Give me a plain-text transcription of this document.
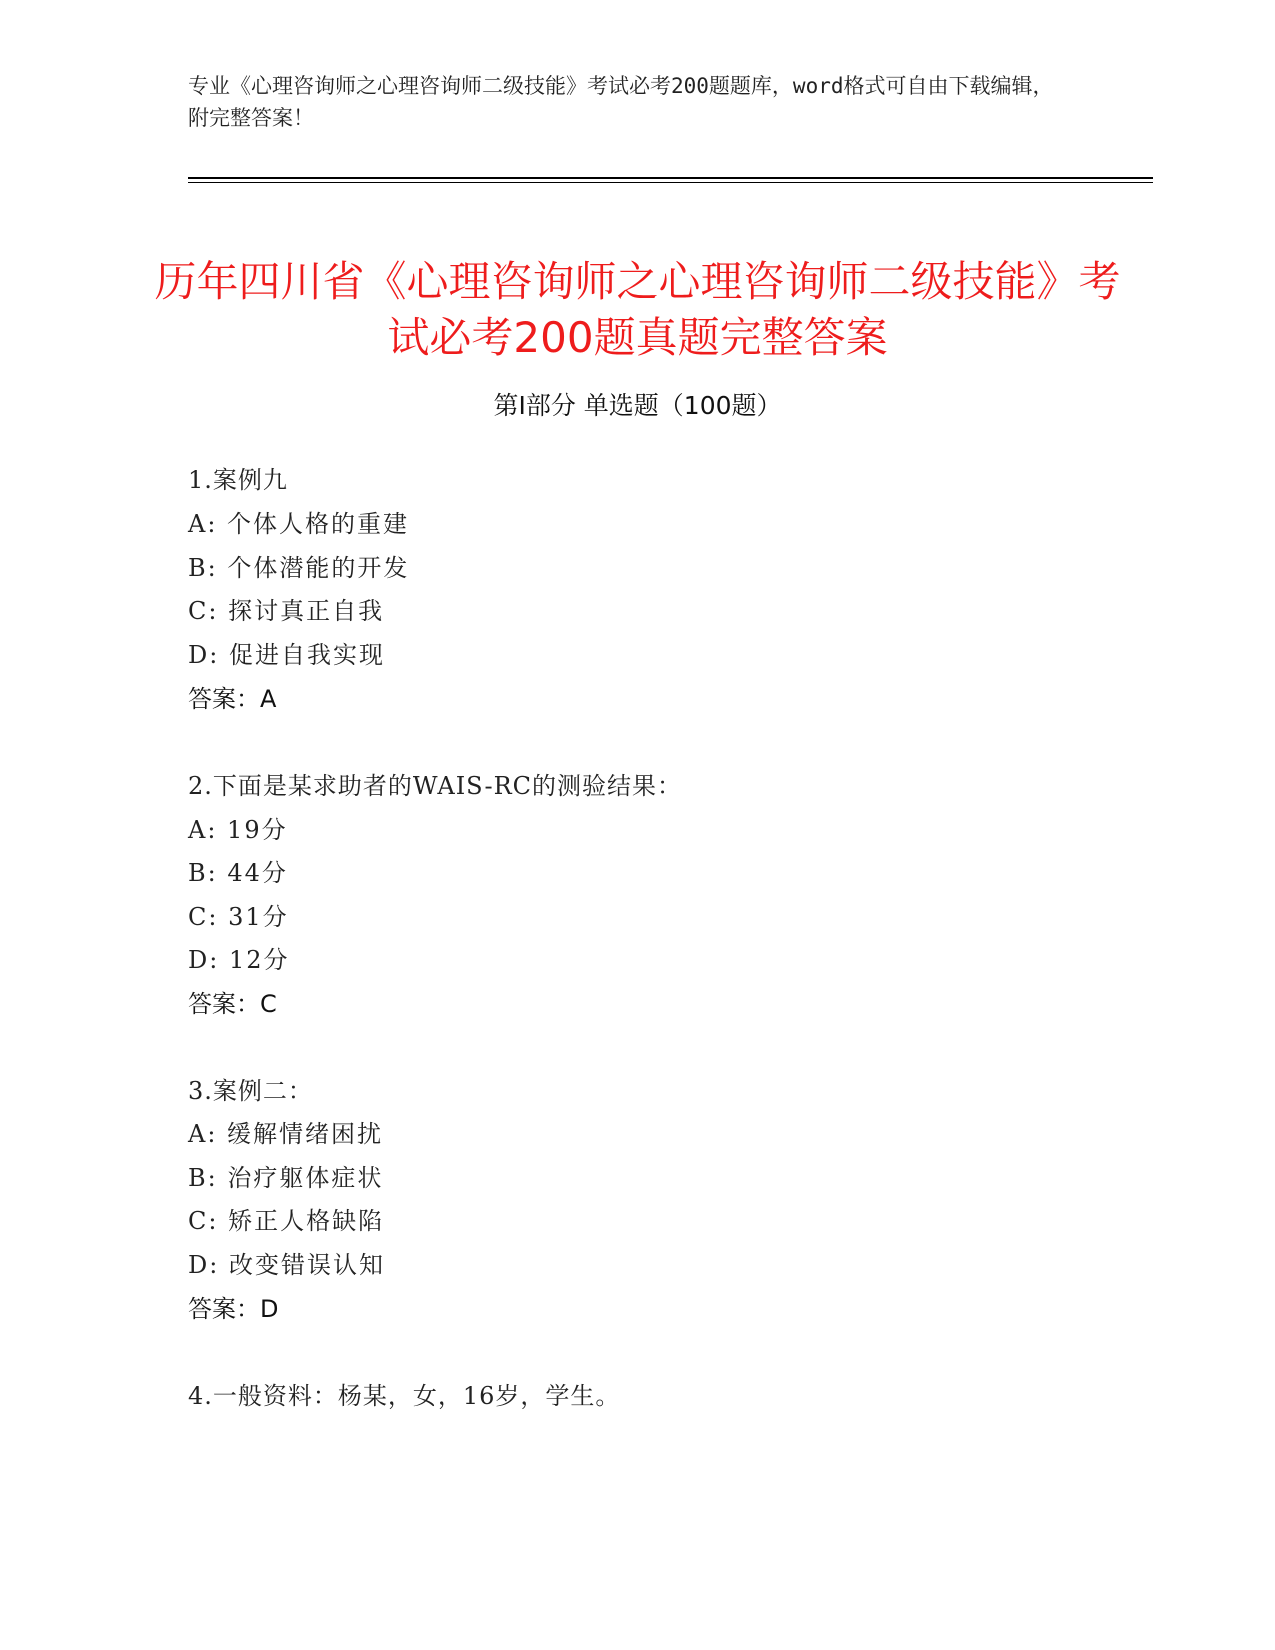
专业《心理咨询师之心理咨询师二级技能》考试必考200题题库，word格式可自由下载编辑，附完整答案！
历年四川省《心理咨询师之心理咨询师二级技能》考试必考200题真题完整答案
第Ⅰ部分 单选题（100题）
1.案例九
A: 个体人格的重建
B: 个体潜能的开发
C: 探讨真正自我
D: 促进自我实现
答案：A
2.下面是某求助者的WAIS-RC的测验结果：
A: 19分
B: 44分
C: 31分
D: 12分
答案：C
3.案例二：
A: 缓解情绪困扰
B: 治疗躯体症状
C: 矫正人格缺陷
D: 改变错误认知
答案：D
4.一般资料：杨某，女，16岁，学生。
